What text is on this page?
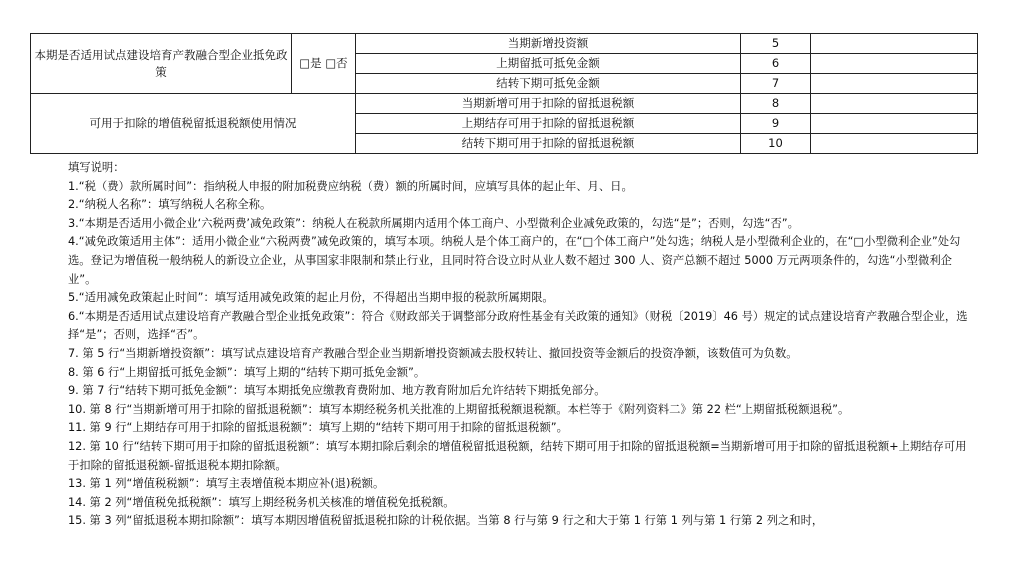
本期是否适用试点建设培育产教融合型企业抵免政策	□是 □否	当期新增投资额	5	
		上期留抵可抵免金额	6	
		结转下期可抵免金额	7	
可用于扣除的增值税留抵退税额使用情况		当期新增可用于扣除的留抵退税额	8	
		上期结存可用于扣除的留抵退税额	9	
		结转下期可用于扣除的留抵退税额	10	
填写说明：
1.“税（费）款所属时间”：指纳税人申报的附加税费应纳税（费）额的所属时间，应填写具体的起止年、月、日。
2.“纳税人名称”：填写纳税人名称全称。
3.“本期是否适用小微企业‘六税两费’减免政策”：纳税人在税款所属期内适用个体工商户、小型微利企业减免政策的，勾选“是”；否则，勾选“否”。
4.“减免政策适用主体”：适用小微企业“六税两费”减免政策的，填写本项。纳税人是个体工商户的，在“□个体工商户”处勾选；纳税人是小型微利企业的，在“□小型微利企业”处勾选。登记为增值税一般纳税人的新设立企业，从事国家非限制和禁止行业，且同时符合设立时从业人数不超过 300 人、资产总额不超过 5000 万元两项条件的，勾选“小型微利企业”。
5.“适用减免政策起止时间”：填写适用减免政策的起止月份，不得超出当期申报的税款所属期限。
6.“本期是否适用试点建设培育产教融合型企业抵免政策”：符合《财政部关于调整部分政府性基金有关政策的通知》（财税〔2019〕46 号）规定的试点建设培育产教融合型企业，选择“是”；否则，选择“否”。
7. 第 5 行“当期新增投资额”：填写试点建设培育产教融合型企业当期新增投资额减去股权转让、撤回投资等金额后的投资净额，该数值可为负数。
8. 第 6 行“上期留抵可抵免金额”：填写上期的“结转下期可抵免金额”。
9. 第 7 行“结转下期可抵免金额”：填写本期抵免应缴教育费附加、地方教育附加后允许结转下期抵免部分。
10. 第 8 行“当期新增可用于扣除的留抵退税额”：填写本期经税务机关批准的上期留抵税额退税额。本栏等于《附列资料二》第 22 栏“上期留抵税额退税”。
11. 第 9 行“上期结存可用于扣除的留抵退税额”：填写上期的“结转下期可用于扣除的留抵退税额”。
12. 第 10 行“结转下期可用于扣除的留抵退税额”：填写本期扣除后剩余的增值税留抵退税额，结转下期可用于扣除的留抵退税额=当期新增可用于扣除的留抵退税额+上期结存可用于扣除的留抵退税额-留抵退税本期扣除额。
13. 第 1 列“增值税税额”：填写主表增值税本期应补(退)税额。
14. 第 2 列“增值税免抵税额”：填写上期经税务机关核准的增值税免抵税额。
15. 第 3 列“留抵退税本期扣除额”：填写本期因增值税留抵退税扣除的计税依据。当第 8 行与第 9 行之和大于第 1 行第 1 列与第 1 行第 2 列之和时，
